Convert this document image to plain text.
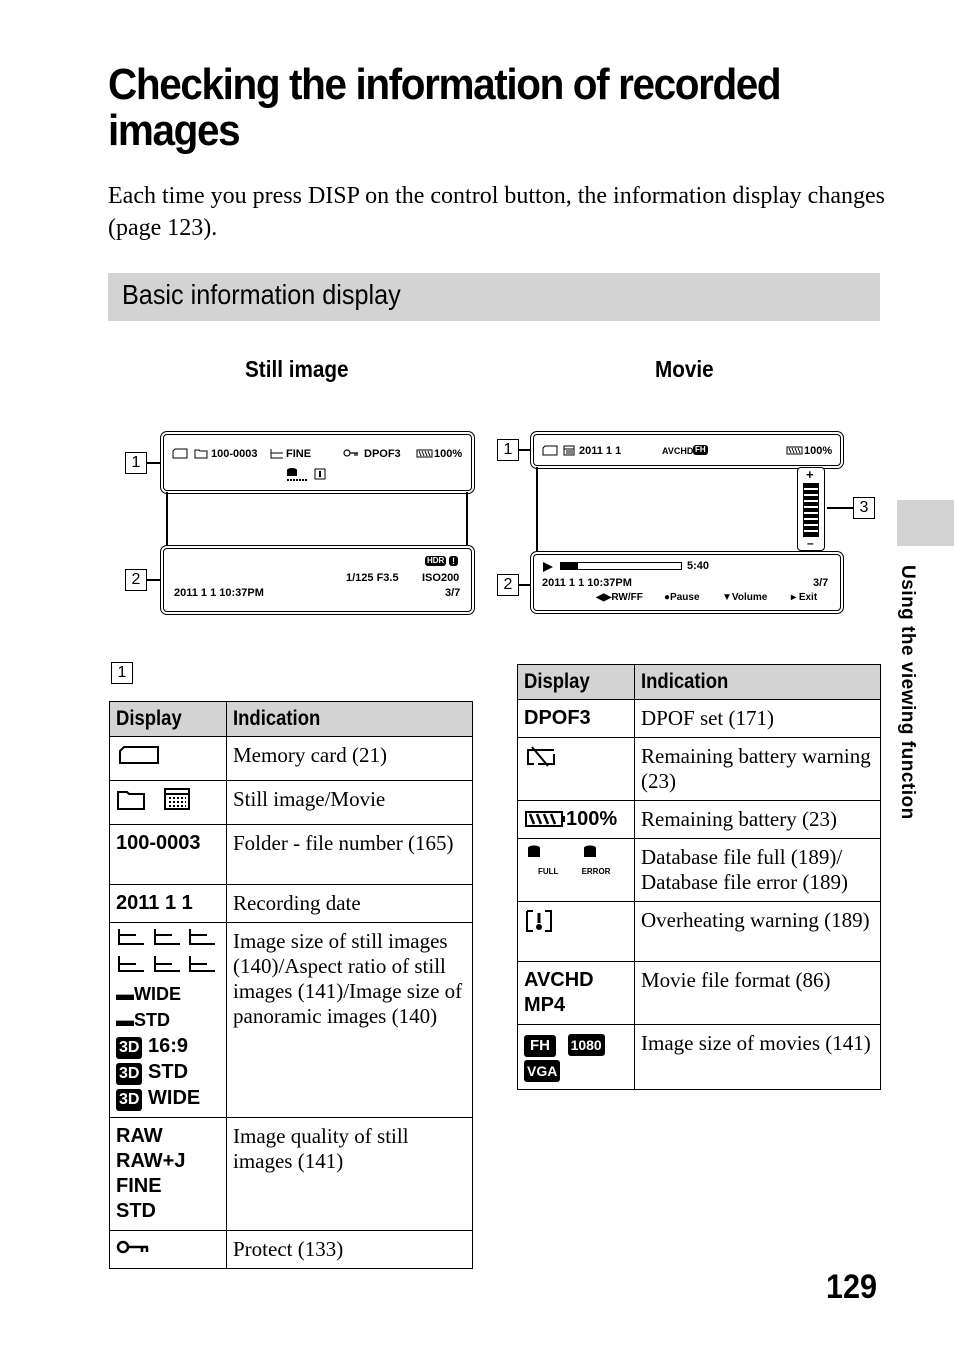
Checking the information of recorded images

Each time you press DISP on the control button, the information display changes (page 123).

Basic information display
Still image	Movie
1
2
100-0003	FINE	DPOF3	100%
HDR !
1/125 F3.5 ISO200
2011 1 1 10:37PM	3/7
1
2
3
2011 1 1	AVCHD FH	100%
+
–
5:40
2011 1 1 10:37PM	3/7
◀▶RW/FF ●Pause ▼Volume ▸ Exit
1
Display	Indication
	Memory card (21)
	Still image/Movie
100-0003	Folder - file number (165)
2011 1 1	Recording date

▬WIDE
▬STD
3D 16:9
3D STD
3D WIDE	Image size of still images (140)/Aspect ratio of still images (141)/Image size of panoramic images (140)

RAW
RAW+J
FINE
STD	Image quality of still images (141)
	Protect (133)
Display	Indication
DPOF3	DPOF set (171)
	Remaining battery warning (23)
100%	Remaining battery (23)

FULL
ERROR	Database file full (189)/ Database file error (189)
	Overheating warning (189)

AVCHD
MP4	Movie file format (86)
FH 1080
VGA	Image size of movies (141)
Using the viewing function
129
